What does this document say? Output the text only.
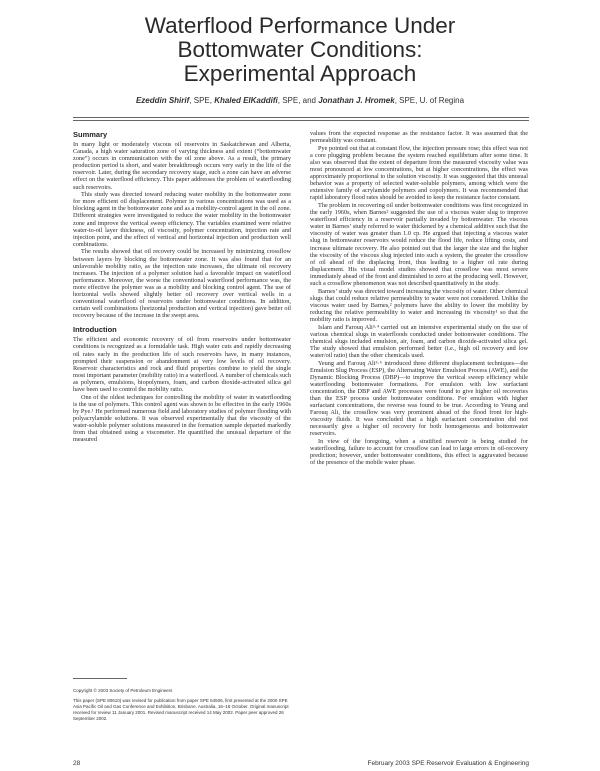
Waterflood Performance Under
Bottomwater Conditions:
Experimental Approach
Ezeddin Shirif, SPE, Khaled ElKaddifi, SPE, and Jonathan J. Hromek, SPE, U. of Regina
Summary

In many light or moderately viscous oil reservoirs in Saskatchewan and Alberta, Canada, a high water saturation zone of varying thickness and extent (“bottomwater zone”) occurs in communication with the oil zone above. As a result, the primary production period is short, and water breakthrough occurs very early in the life of the reservoir. Later, during the secondary recovery stage, such a zone can have an adverse effect on the waterflood efficiency. This paper addresses the problem of waterflooding such reservoirs.

This study was directed toward reducing water mobility in the bottomwater zone for more efficient oil displacement. Polymer in various concentrations was used as a blocking agent in the bottomwater zone and as a mobility-control agent in the oil zone. Different strategies were investigated to reduce the water mobility in the bottomwater zone and improve the vertical sweep efficiency. The variables examined were relative water-to-oil layer thickness, oil viscosity, polymer concentration, injection rate and injection point, and the effect of vertical and horizontal injection and production well combinations.

The results showed that oil recovery could be increased by minimizing crossflow between layers by blocking the bottomwater zone. It was also found that for an unfavorable mobility ratio, as the injection rate increases, the ultimate oil recovery increases. The injection of a polymer solution had a favorable impact on waterflood performance. Moreover, the worse the conventional waterflood performance was, the more effective the polymer was as a mobility and blocking control agent. The use of horizontal wells showed slightly better oil recovery over vertical wells in a conventional waterflood of reservoirs under bottomwater conditions. In addition, certain well combinations (horizontal production and vertical injection) gave better oil recovery because of the increase in the swept area.

Introduction

The efficient and economic recovery of oil from reservoirs under bottomwater conditions is recognized as a formidable task. High water cuts and rapidly decreasing oil rates early in the production life of such reservoirs have, in many instances, prompted their suspension or abandonment at very low levels of oil recovery. Reservoir characteristics and rock and fluid properties combine to yield the single most important parameter (mobility ratio) in a waterflood. A number of chemicals such as polymers, emulsions, biopolymers, foam, and carbon dioxide-activated silica gel have been used to control the mobility ratio.

One of the oldest techniques for controlling the mobility of water in waterflooding is the use of polymers. This control agent was shown to be effective in the early 1960s by Pye.¹ He performed numerous field and laboratory studies of polymer flooding with polyacrylamide solutions. It was observed experimentally that the viscosity of the water-soluble polymer solutions measured in the formation sample departed markedly from that obtained using a viscometer. He quantified the unusual departure of the measured

values from the expected response as the resistance factor. It was assumed that the permeability was constant.

Pye pointed out that at constant flow, the injection pressure rose; this effect was not a core plugging problem because the system reached equilibrium after some time. It also was observed that the extent of departure from the measured viscosity value was most pronounced at low concentrations, but at higher concentrations, the effect was approximately proportional to the solution viscosity. It was suggested that this unusual behavior was a property of selected water-soluble polymers, among which were the extensive family of acrylamide polymers and copolymers. It was recommended that rapid laboratory flood rates should be avoided to keep the resistance factor constant.

The problem in recovering oil under bottomwater conditions was first recognized in the early 1960s, when Barnes² suggested the use of a viscous water slug to improve waterflood efficiency in a reservoir partially invaded by bottomwater. The viscous water in Barnes’ study referred to water thickened by a chemical additive such that the viscosity of water was greater than 1.0 cp. He argued that injecting a viscous water slug in bottomwater reservoirs would reduce the flood life, reduce lifting costs, and increase ultimate recovery. He also pointed out that the larger the size and the higher the viscosity of the viscous slug injected into such a system, the greater the crossflow of oil ahead of the displacing front, thus leading to a higher oil rate during displacement. His visual model studies showed that crossflow was most severe immediately ahead of the front and diminished to zero at the producing well. However, such a crossflow phenomenon was not described quantitatively in the study.

Barnes’ study was directed toward increasing the viscosity of water. Other chemical slugs that could reduce relative permeability to water were not considered. Unlike the viscous water used by Barnes,² polymers have the ability to lower the mobility by reducing the relative permeability to water and increasing its viscosity¹ so that the mobility ratio is improved.

Islam and Farouq Ali³·⁴ carried out an intensive experimental study on the use of various chemical slugs in waterfloods conducted under bottomwater conditions. The chemical slugs included emulsion, air, foam, and carbon dioxide-activated silica gel. The study showed that emulsion performed better (i.e., high oil recovery and low water/oil ratio) than the other chemicals used.

Yeung and Farouq Ali⁵·⁶ introduced three different displacement techniques—the Emulsion Slug Process (ESP), the Alternating Water Emulsion Process (AWE), and the Dynamic Blocking Process (DBP)—to improve the vertical sweep efficiency while waterflooding bottomwater formations. For emulsion with low surfactant concentration, the DBP and AWE processes were found to give higher oil recoveries than the ESP process under bottomwater conditions. For emulsion with higher surfactant concentrations, the reverse was found to be true. According to Yeung and Farouq Ali, the crossflow was very prominent ahead of the flood front for high-viscosity fluids. It was concluded that a high surfactant concentration did not necessarily give a higher oil recovery for both homogeneous and bottomwater reservoirs.

In view of the foregoing, when a stratified reservoir is being studied for waterflooding, failure to account for crossflow can lead to large errors in oil-recovery prediction; however, under bottomwater conditions, this effect is aggravated because of the presence of the mobile water phase.

Copyright © 2003 Society of Petroleum Engineers

This paper (SPE 80610) was revised for publication from paper SPE 64506, first presented at the 2000 SPE Asia Pacific Oil and Gas Conference and Exhibition, Brisbane, Australia, 16–18 October. Original manuscript received for review 11 January 2001. Revised manuscript received 14 May 2002. Paper peer approved 26 September 2002.

28	February 2003 SPE Reservoir Evaluation & Engineering
